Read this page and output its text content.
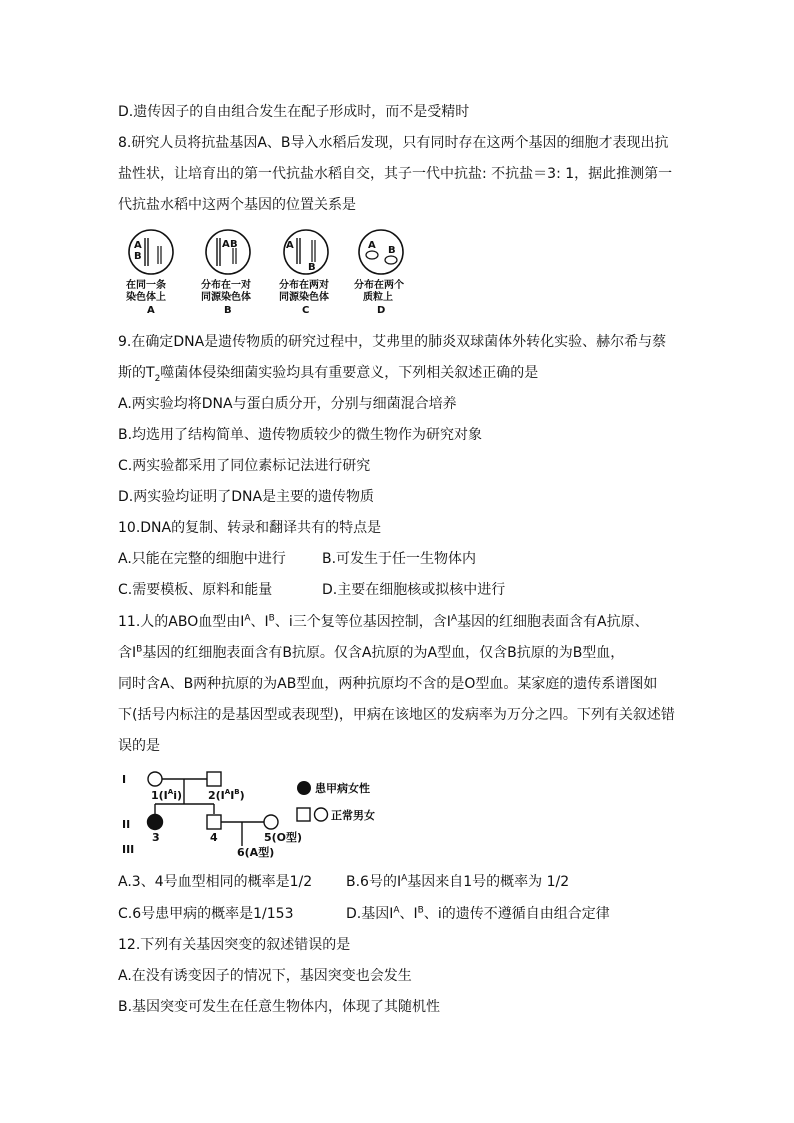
D.遗传因子的自由组合发生在配子形成时，而不是受精时
8.研究人员将抗盐基因A、B导入水稻后发现，只有同时存在这两个基因的细胞才表现出抗
盐性状，让培育出的第一代抗盐水稻自交，其子一代中抗盐: 不抗盐＝3: 1，据此推测第一
代抗盐水稻中这两个基因的位置关系是
A
B
在同一条
染色体上
A
A B
分布在一对
同源染色体
B
A
B
分布在两对
同源染色体
C
A B
分布在两个
质粒上
D
9.在确定DNA是遗传物质的研究过程中，艾弗里的肺炎双球菌体外转化实验、赫尔希与蔡
斯的$T_2$噬菌体侵染细菌实验均具有重要意义，下列相关叙述正确的是
A.两实验均将DNA与蛋白质分开，分别与细菌混合培养
B.均选用了结构简单、遗传物质较少的微生物作为研究对象
C.两实验都采用了同位素标记法进行研究
D.两实验均证明了DNA是主要的遗传物质
10.DNA的复制、转录和翻译共有的特点是
A.只能在完整的细胞中进行	B.可发生于任一生物体内
C.需要模板、原料和能量	D.主要在细胞核或拟核中进行
11.人的ABO血型由$I^A$、$I^B$、i三个复等位基因控制，含$I^A$基因的红细胞表面含有A抗原、
含$I^B$基因的红细胞表面含有B抗原。仅含A抗原的为A型血，仅含B抗原的为B型血，
同时含A、B两种抗原的为AB型血，两种抗原均不含的是O型血。某家庭的遗传系谱图如
下(括号内标注的是基因型或表现型)，甲病在该地区的发病率为万分之四。下列有关叙述错
误的是
I
II
III
$1(I^Ai)$ $2(I^AI^B)$
3	4	5(O型)
6(A型)
患甲病女性
正常男女
A.3、4号血型相同的概率是1/2 B.6号的$I^A$基因来自1号的概率为 1/2
C.6号患甲病的概率是1/153	D.基因$I^A$、$I^B$、i的遗传不遵循自由组合定律
12.下列有关基因突变的叙述错误的是
A.在没有诱变因子的情况下，基因突变也会发生
B.基因突变可发生在任意生物体内，体现了其随机性
